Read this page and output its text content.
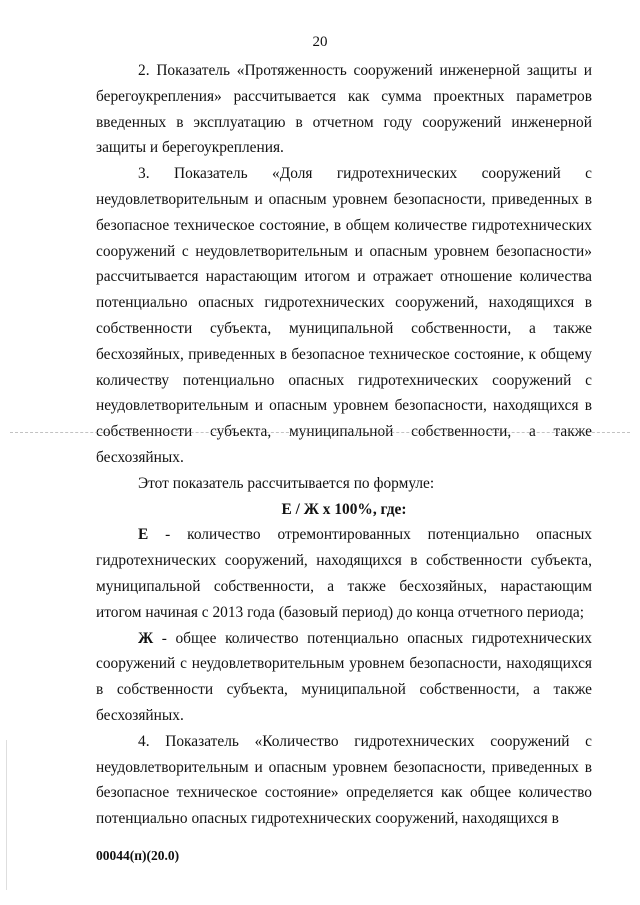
20

2. Показатель «Протяженность сооружений инженерной защиты и берегоукрепления» рассчитывается как сумма проектных параметров введенных в эксплуатацию в отчетном году сооружений инженерной защиты и берегоукрепления.

3. Показатель «Доля гидротехнических сооружений с неудовлетворительным и опасным уровнем безопасности, приведенных в безопасное техническое состояние, в общем количестве гидротехнических сооружений с неудовлетворительным и опасным уровнем безопасности» рассчитывается нарастающим итогом и отражает отношение количества потенциально опасных гидротехнических сооружений, находящихся в собственности субъекта, муниципальной собственности, а также бесхозяйных, приведенных в безопасное техническое состояние, к общему количеству потенциально опасных гидротехнических сооружений с неудовлетворительным и опасным уровнем безопасности, находящихся в собственности субъекта, муниципальной собственности, а также бесхозяйных.

Этот показатель рассчитывается по формуле:

Е / Ж х 100%, где:

Е - количество отремонтированных потенциально опасных гидротехнических сооружений, находящихся в собственности субъекта, муниципальной собственности, а также бесхозяйных, нарастающим итогом начиная с 2013 года (базовый период) до конца отчетного периода;

Ж - общее количество потенциально опасных гидротехнических сооружений с неудовлетворительным уровнем безопасности, находящихся в собственности субъекта, муниципальной собственности, а также бесхозяйных.

4. Показатель «Количество гидротехнических сооружений с неудовлетворительным и опасным уровнем безопасности, приведенных в безопасное техническое состояние» определяется как общее количество потенциально опасных гидротехнических сооружений, находящихся в

00044(п)(20.0)
